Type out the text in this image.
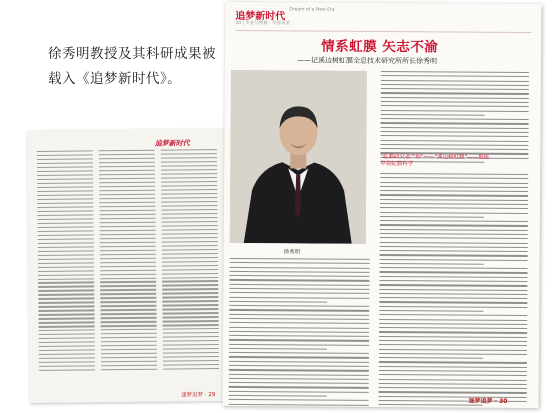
徐秀明教授及其科研成果被
载入《追梦新时代》。
追梦新时代
逐梦追梦 · 29
追梦新时代
Dream of a New Era
30 | 专业与创新 · 学者风采
情系虹膜 矢志不渝
——记溪边树虹膜全息技术研究所所长徐秀明
徐秀明
"虹膜研究者""师"——"溪边树虹膜"——揭秘
早晨虹膜科学
逐梦追梦 · 30
